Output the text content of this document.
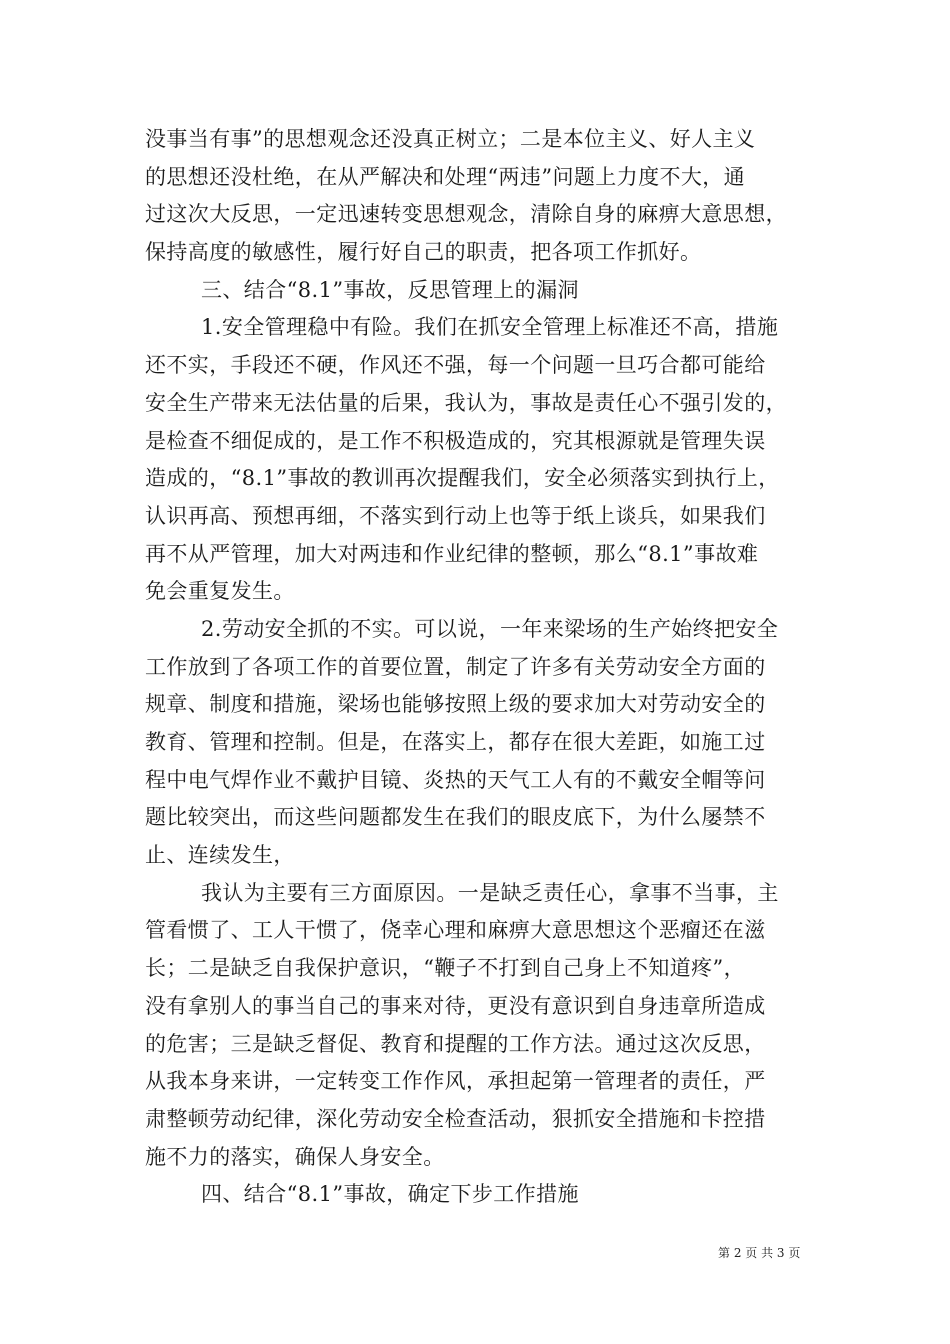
没事当有事”的思想观念还没真正树立；二是本位主义、好人主义
的思想还没杜绝，在从严解决和处理“两违”问题上力度不大，通
过这次大反思，一定迅速转变思想观念，清除自身的麻痹大意思想，
保持高度的敏感性，履行好自己的职责，把各项工作抓好。
三、结合“8.1”事故，反思管理上的漏洞
1.安全管理稳中有险。我们在抓安全管理上标准还不高，措施
还不实，手段还不硬，作风还不强，每一个问题一旦巧合都可能给
安全生产带来无法估量的后果，我认为，事故是责任心不强引发的，
是检查不细促成的，是工作不积极造成的，究其根源就是管理失误
造成的，“8.1”事故的教训再次提醒我们，安全必须落实到执行上，
认识再高、预想再细，不落实到行动上也等于纸上谈兵，如果我们
再不从严管理，加大对两违和作业纪律的整顿，那么“8.1”事故难
免会重复发生。
2.劳动安全抓的不实。可以说，一年来梁场的生产始终把安全
工作放到了各项工作的首要位置，制定了许多有关劳动安全方面的
规章、制度和措施，梁场也能够按照上级的要求加大对劳动安全的
教育、管理和控制。但是，在落实上，都存在很大差距，如施工过
程中电气焊作业不戴护目镜、炎热的天气工人有的不戴安全帽等问
题比较突出，而这些问题都发生在我们的眼皮底下，为什么屡禁不
止、连续发生，
我认为主要有三方面原因。一是缺乏责任心，拿事不当事，主
管看惯了、工人干惯了，侥幸心理和麻痹大意思想这个恶瘤还在滋
长；二是缺乏自我保护意识，“鞭子不打到自己身上不知道疼”，
没有拿别人的事当自己的事来对待，更没有意识到自身违章所造成
的危害；三是缺乏督促、教育和提醒的工作方法。通过这次反思，
从我本身来讲，一定转变工作作风，承担起第一管理者的责任，严
肃整顿劳动纪律，深化劳动安全检查活动，狠抓安全措施和卡控措
施不力的落实，确保人身安全。
四、结合“8.1”事故，确定下步工作措施
第 2 页 共 3 页
